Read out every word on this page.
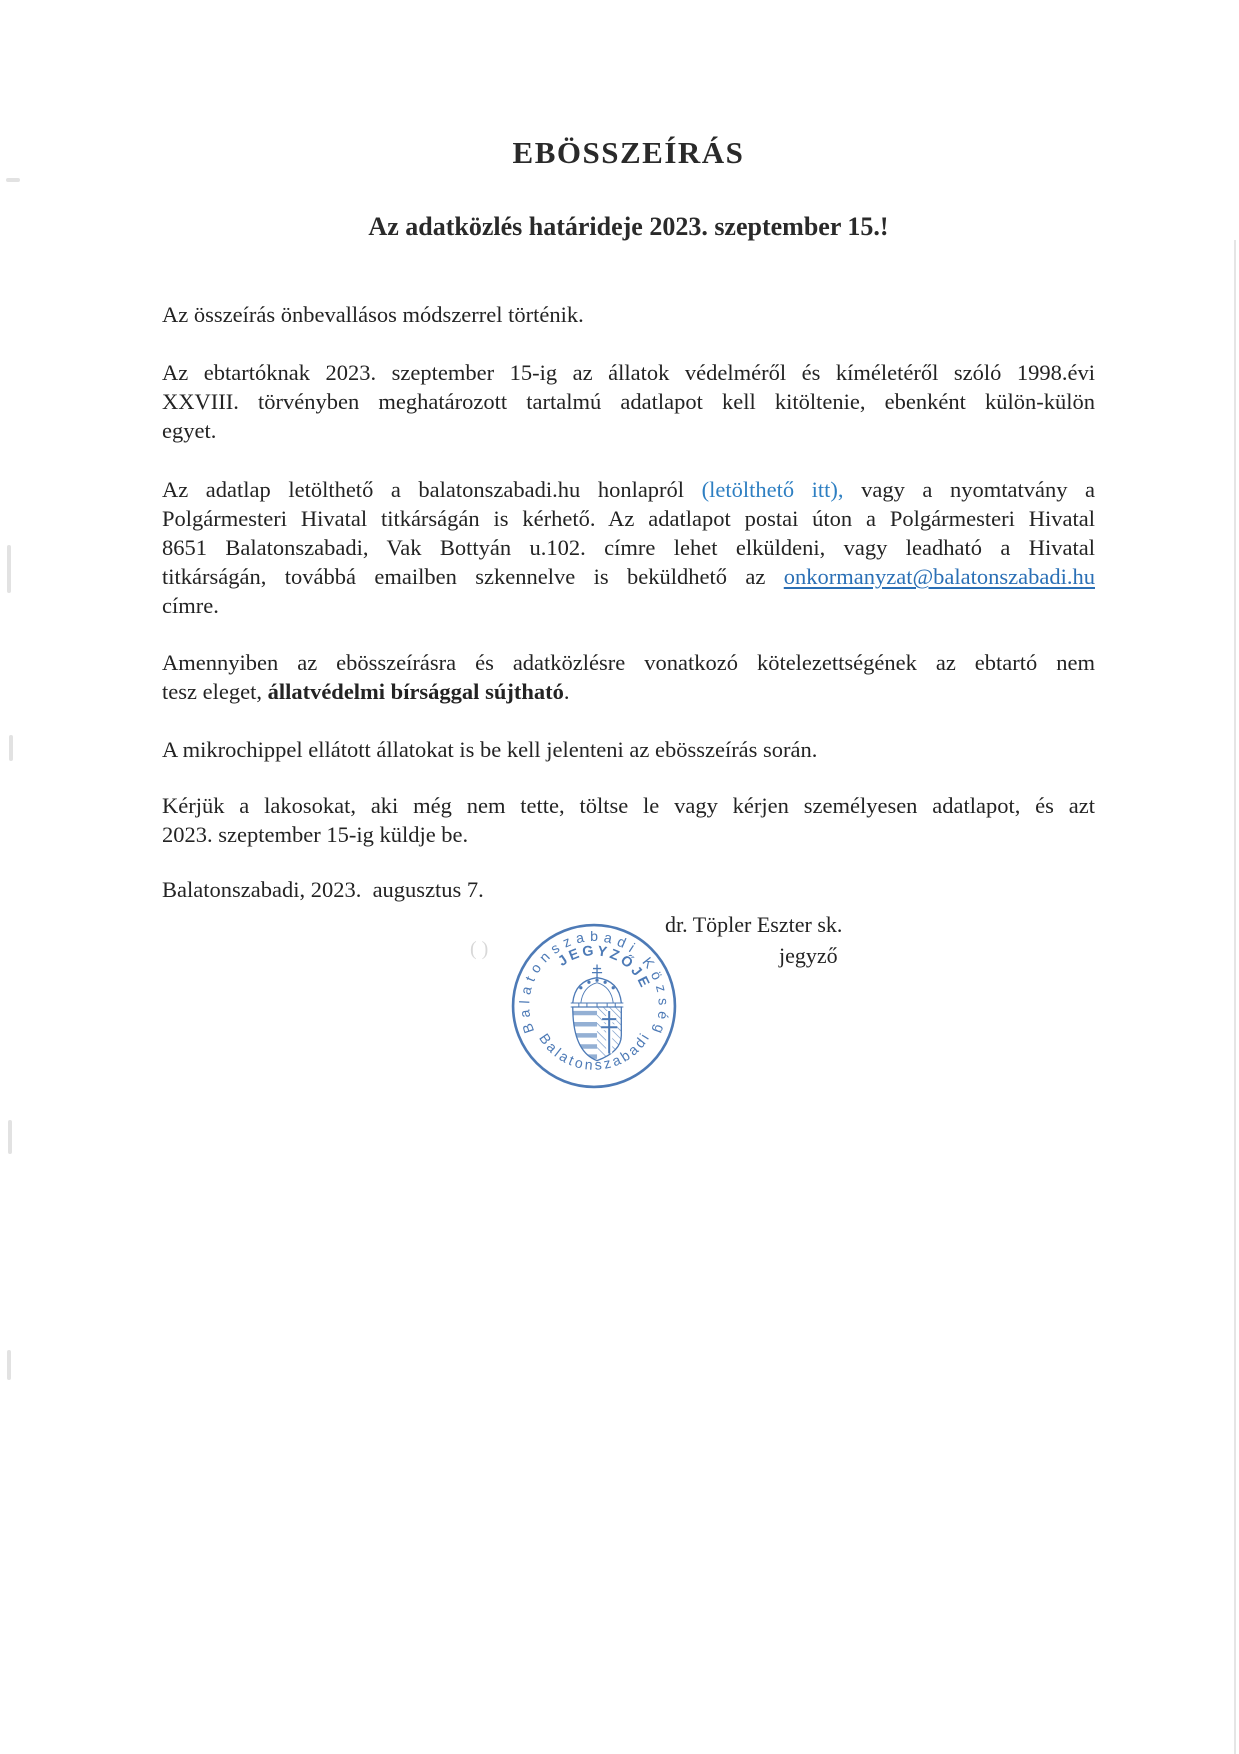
( )
EBÖSSZEÍRÁS
Az adatközlés határideje 2023. szeptember 15.!
Az összeírás önbevallásos módszerrel történik.
Az ebtartóknak 2023. szeptember 15-ig az állatok védelméről és kíméletéről szóló 1998.évi
XXVIII. törvényben meghatározott tartalmú adatlapot kell kitöltenie, ebenként külön-külön
egyet.
Az adatlap letölthető a balatonszabadi.hu honlapról (letölthető itt), vagy a nyomtatvány a
Polgármesteri Hivatal titkárságán is kérhető. Az adatlapot postai úton a Polgármesteri Hivatal
8651 Balatonszabadi, Vak Bottyán u.102. címre lehet elküldeni, vagy leadható a Hivatal
titkárságán, továbbá emailben szkennelve is beküldhető az onkormanyzat@balatonszabadi.hu
címre.
Amennyiben az ebösszeírásra és adatközlésre vonatkozó kötelezettségének az ebtartó nem
tesz eleget, állatvédelmi bírsággal sújtható.
A mikrochippel ellátott állatokat is be kell jelenteni az ebösszeírás során.
Kérjük a lakosokat, aki még nem tette, töltse le vagy kérjen személyesen adatlapot, és azt
2023. szeptember 15-ig küldje be.
Balatonszabadi, 2023.  augusztus 7.
dr. Töpler Eszter sk.
jegyző
Balatonszabadi Község
JEGYZŐJE
Balatonszabadi
